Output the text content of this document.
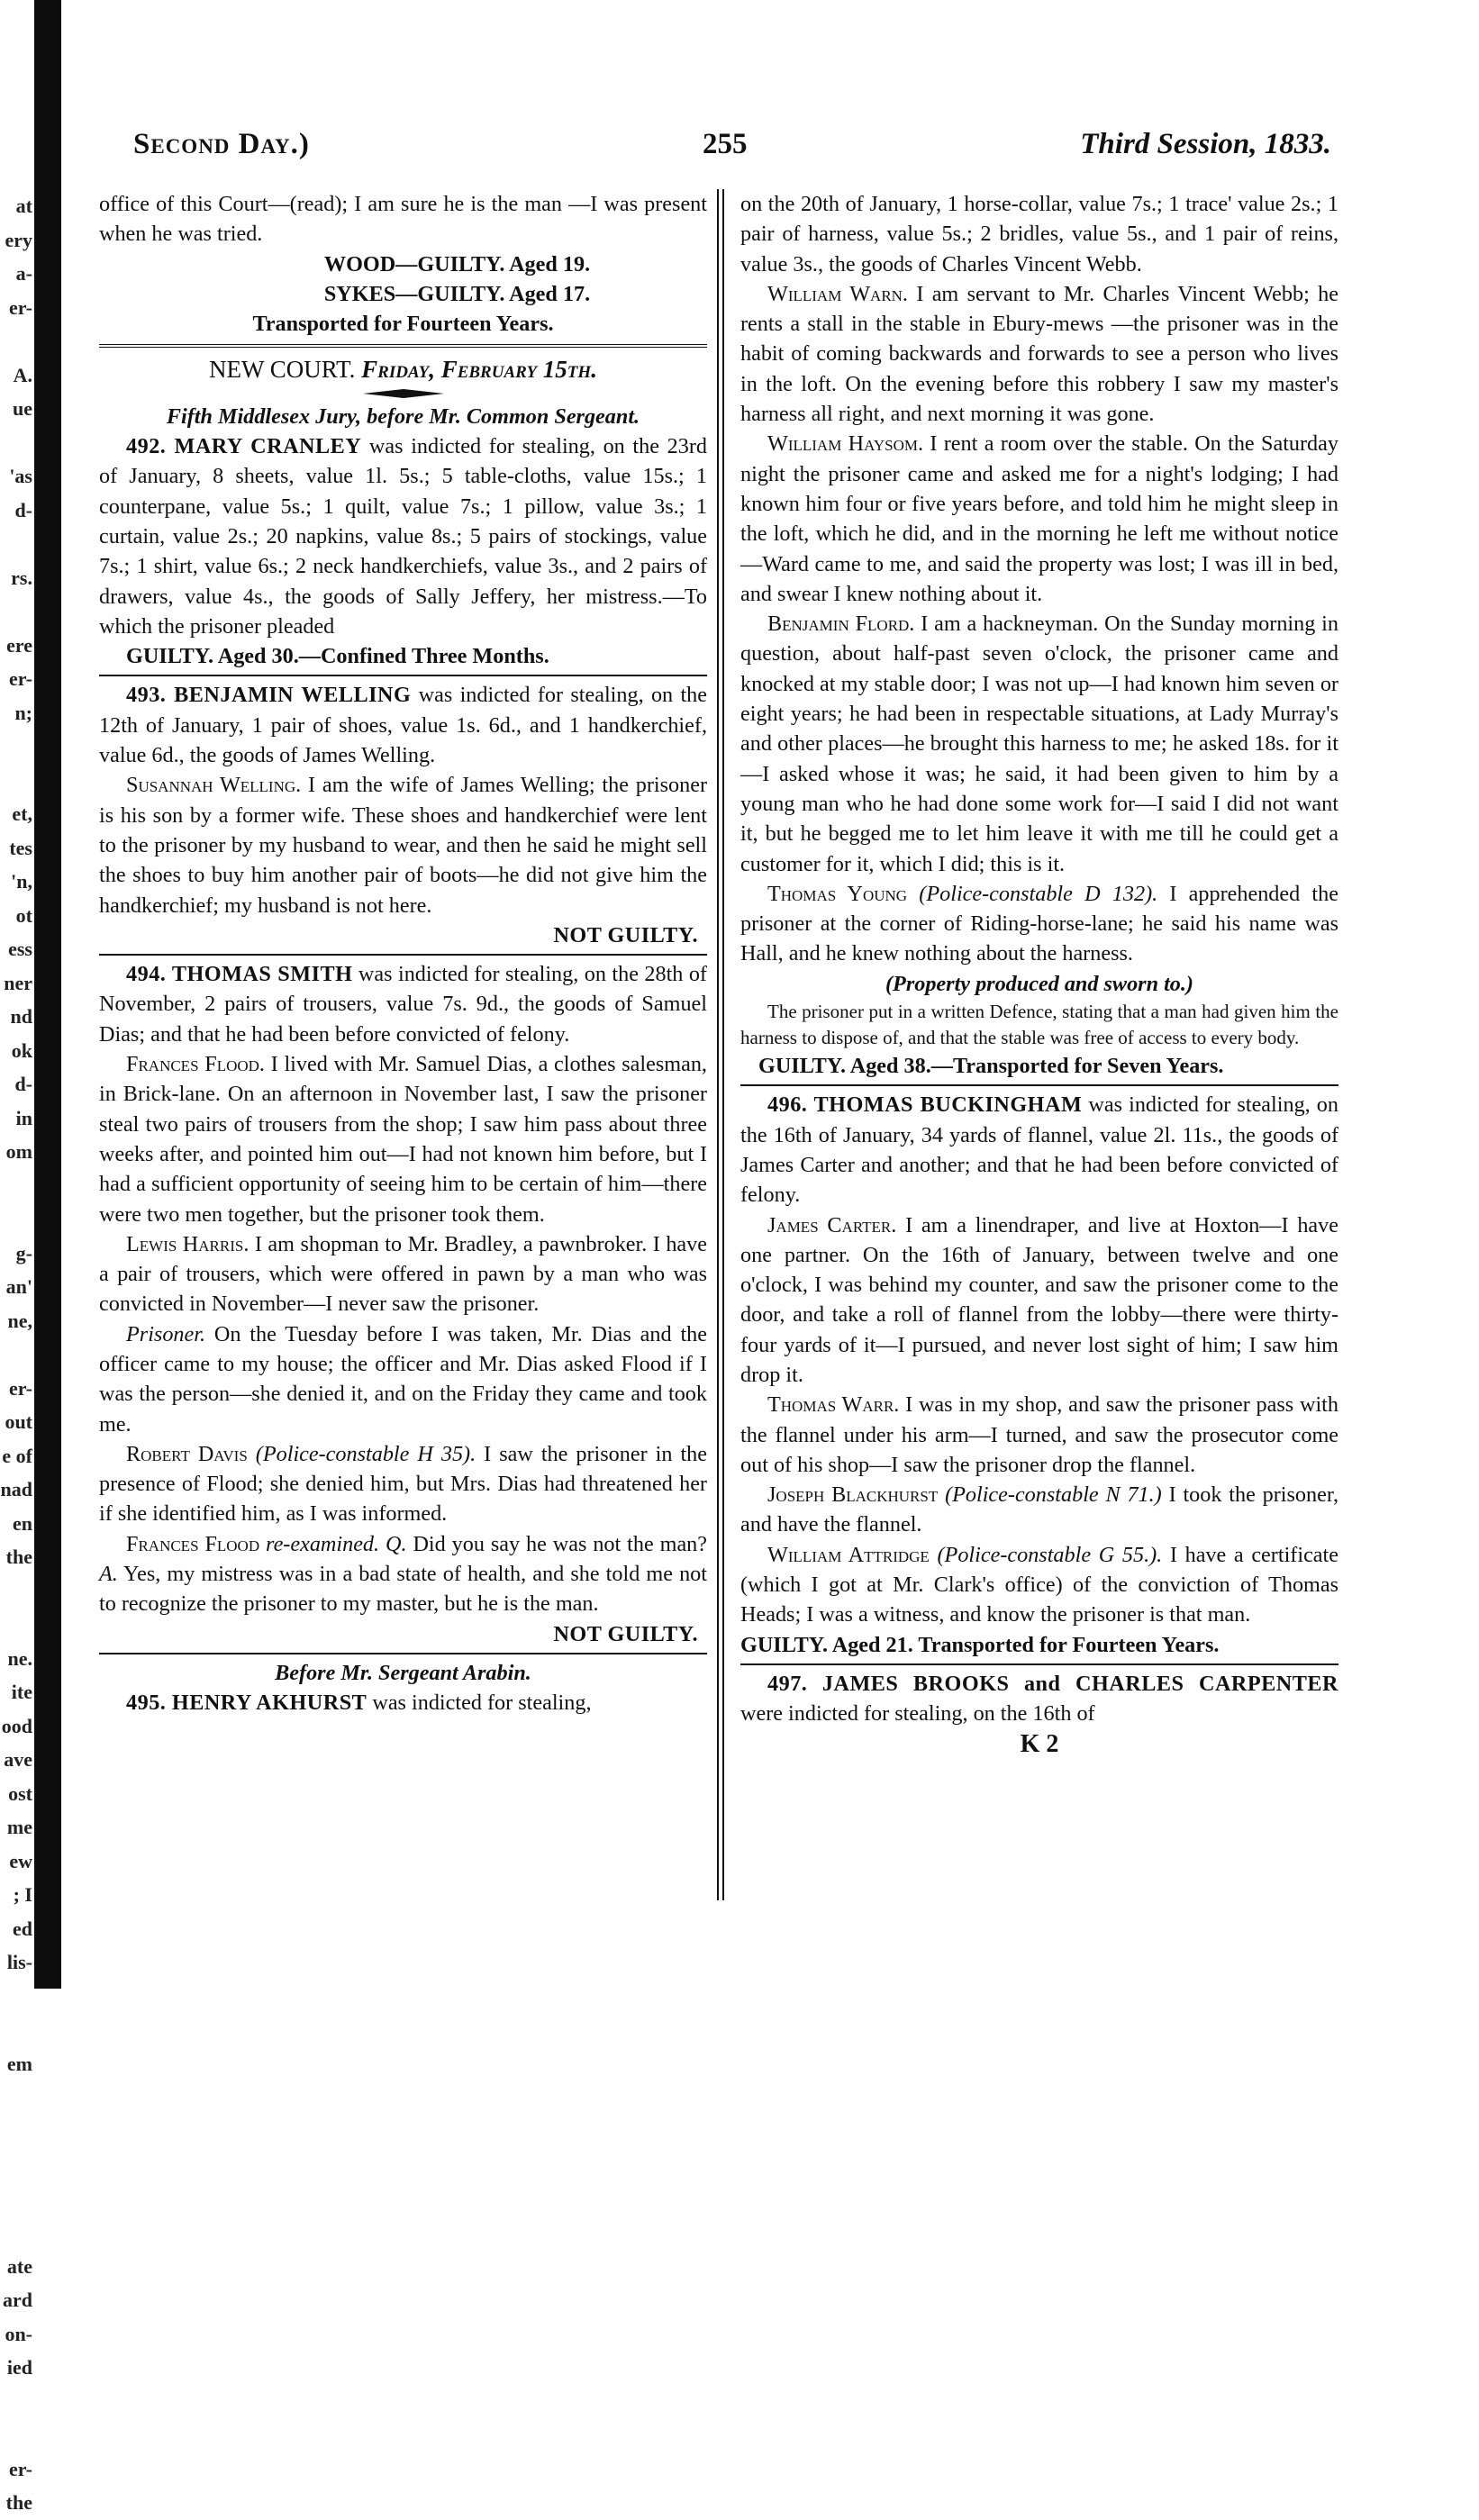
at
ery
a-
er-
A.
ue
'as
d-
rs.
ere
er-
n;
et,
tes
'n,
ot
ess
ner
nd
ok
d-
in
om
g-
an'
ne,
er-
out
e of
nad
en
the
ne.
ite
ood
ave
ost
me
ew
; I
ed
lis-
em
ate
ard
on-
ied
er-
the
Second Day.)	255	Third Session, 1833.

office of this Court—(read); I am sure he is the man —I was present when he was tried.

WOOD—GUILTY. Aged 19.

SYKES—GUILTY. Aged 17.

Transported for Fourteen Years.

NEW COURT. Friday, February 15th.

Fifth Middlesex Jury, before Mr. Common Sergeant.

492. MARY CRANLEY was indicted for stealing, on the 23rd of January, 8 sheets, value 1l. 5s.; 5 table-cloths, value 15s.; 1 counterpane, value 5s.; 1 quilt, value 7s.; 1 pillow, value 3s.; 1 curtain, value 2s.; 20 napkins, value 8s.; 5 pairs of stockings, value 7s.; 1 shirt, value 6s.; 2 neck handkerchiefs, value 3s., and 2 pairs of drawers, value 4s., the goods of Sally Jeffery, her mistress.—To which the prisoner pleaded

GUILTY. Aged 30.—Confined Three Months.

493. BENJAMIN WELLING was indicted for stealing, on the 12th of January, 1 pair of shoes, value 1s. 6d., and 1 handkerchief, value 6d., the goods of James Welling.

Susannah Welling. I am the wife of James Welling; the prisoner is his son by a former wife. These shoes and handkerchief were lent to the prisoner by my husband to wear, and then he said he might sell the shoes to buy him another pair of boots—he did not give him the handkerchief; my husband is not here.

NOT GUILTY.

494. THOMAS SMITH was indicted for stealing, on the 28th of November, 2 pairs of trousers, value 7s. 9d., the goods of Samuel Dias; and that he had been before convicted of felony.

Frances Flood. I lived with Mr. Samuel Dias, a clothes salesman, in Brick-lane. On an afternoon in November last, I saw the prisoner steal two pairs of trousers from the shop; I saw him pass about three weeks after, and pointed him out—I had not known him before, but I had a sufficient opportunity of seeing him to be certain of him—there were two men together, but the prisoner took them.

Lewis Harris. I am shopman to Mr. Bradley, a pawnbroker. I have a pair of trousers, which were offered in pawn by a man who was convicted in November—I never saw the prisoner.

Prisoner. On the Tuesday before I was taken, Mr. Dias and the officer came to my house; the officer and Mr. Dias asked Flood if I was the person—she denied it, and on the Friday they came and took me.

Robert Davis (Police-constable H 35). I saw the prisoner in the presence of Flood; she denied him, but Mrs. Dias had threatened her if she identified him, as I was informed.

Frances Flood re-examined. Q. Did you say he was not the man? A. Yes, my mistress was in a bad state of health, and she told me not to recognize the prisoner to my master, but he is the man.

NOT GUILTY.

Before Mr. Sergeant Arabin.

495. HENRY AKHURST was indicted for stealing,

on the 20th of January, 1 horse-collar, value 7s.; 1 trace' value 2s.; 1 pair of harness, value 5s.; 2 bridles, value 5s., and 1 pair of reins, value 3s., the goods of Charles Vincent Webb.

William Warn. I am servant to Mr. Charles Vincent Webb; he rents a stall in the stable in Ebury-mews —the prisoner was in the habit of coming backwards and forwards to see a person who lives in the loft. On the evening before this robbery I saw my master's harness all right, and next morning it was gone.

William Haysom. I rent a room over the stable. On the Saturday night the prisoner came and asked me for a night's lodging; I had known him four or five years before, and told him he might sleep in the loft, which he did, and in the morning he left me without notice—Ward came to me, and said the property was lost; I was ill in bed, and swear I knew nothing about it.

Benjamin Flord. I am a hackneyman. On the Sunday morning in question, about half-past seven o'clock, the prisoner came and knocked at my stable door; I was not up—I had known him seven or eight years; he had been in respectable situations, at Lady Murray's and other places—he brought this harness to me; he asked 18s. for it —I asked whose it was; he said, it had been given to him by a young man who he had done some work for—I said I did not want it, but he begged me to let him leave it with me till he could get a customer for it, which I did; this is it.

Thomas Young (Police-constable D 132). I apprehended the prisoner at the corner of Riding-horse-lane; he said his name was Hall, and he knew nothing about the harness.

(Property produced and sworn to.)

The prisoner put in a written Defence, stating that a man had given him the harness to dispose of, and that the stable was free of access to every body.

GUILTY. Aged 38.—Transported for Seven Years.

496. THOMAS BUCKINGHAM was indicted for stealing, on the 16th of January, 34 yards of flannel, value 2l. 11s., the goods of James Carter and another; and that he had been before convicted of felony.

James Carter. I am a linendraper, and live at Hoxton—I have one partner. On the 16th of January, between twelve and one o'clock, I was behind my counter, and saw the prisoner come to the door, and take a roll of flannel from the lobby—there were thirty-four yards of it—I pursued, and never lost sight of him; I saw him drop it.

Thomas Warr. I was in my shop, and saw the prisoner pass with the flannel under his arm—I turned, and saw the prosecutor come out of his shop—I saw the prisoner drop the flannel.

Joseph Blackhurst (Police-constable N 71.) I took the prisoner, and have the flannel.

William Attridge (Police-constable G 55.). I have a certificate (which I got at Mr. Clark's office) of the conviction of Thomas Heads; I was a witness, and know the prisoner is that man.

GUILTY. Aged 21. Transported for Fourteen Years.

497. JAMES BROOKS and CHARLES CARPENTER were indicted for stealing, on the 16th of

K 2
